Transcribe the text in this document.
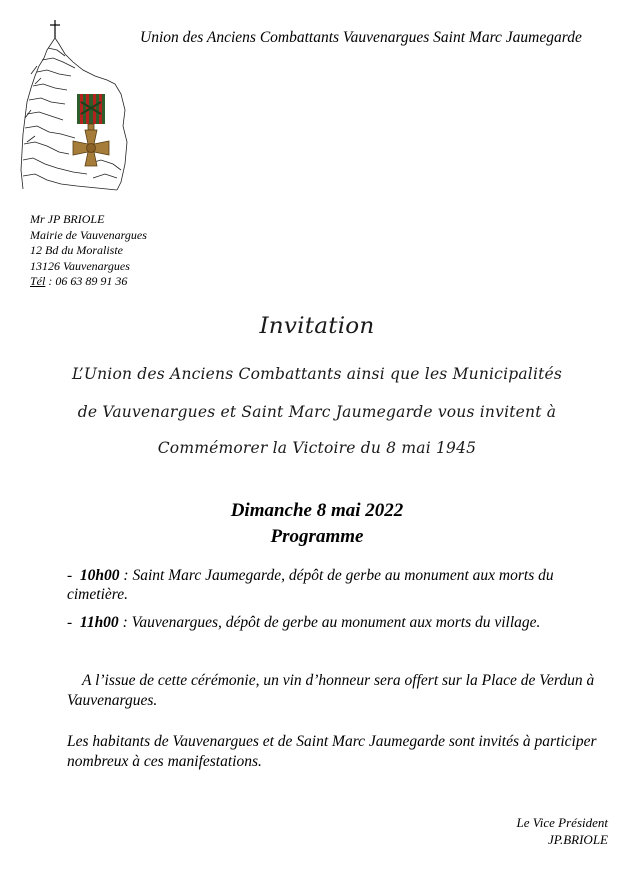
Union des Anciens Combattants Vauvenargues Saint Marc Jaumegarde
Mr JP BRIOLE
Mairie de Vauvenargues
12 Bd du Moraliste
13126 Vauvenargues
Tél : 06 63 89 91 36
Invitation
L’Union des Anciens Combattants ainsi que les Municipalités
de Vauvenargues et Saint Marc Jaumegarde vous invitent à
Commémorer la Victoire du 8 mai 1945
Dimanche 8 mai 2022
Programme
-  10h00 : Saint Marc Jaumegarde, dépôt de gerbe au monument aux morts du cimetière.
-  11h00 : Vauvenargues, dépôt de gerbe au monument aux morts du village.
A l’issue de cette cérémonie, un vin d’honneur sera offert sur la Place de Verdun à Vauvenargues.
Les habitants de Vauvenargues et de Saint Marc Jaumegarde sont invités à participer nombreux à ces manifestations.
Le Vice Président
JP.BRIOLE
